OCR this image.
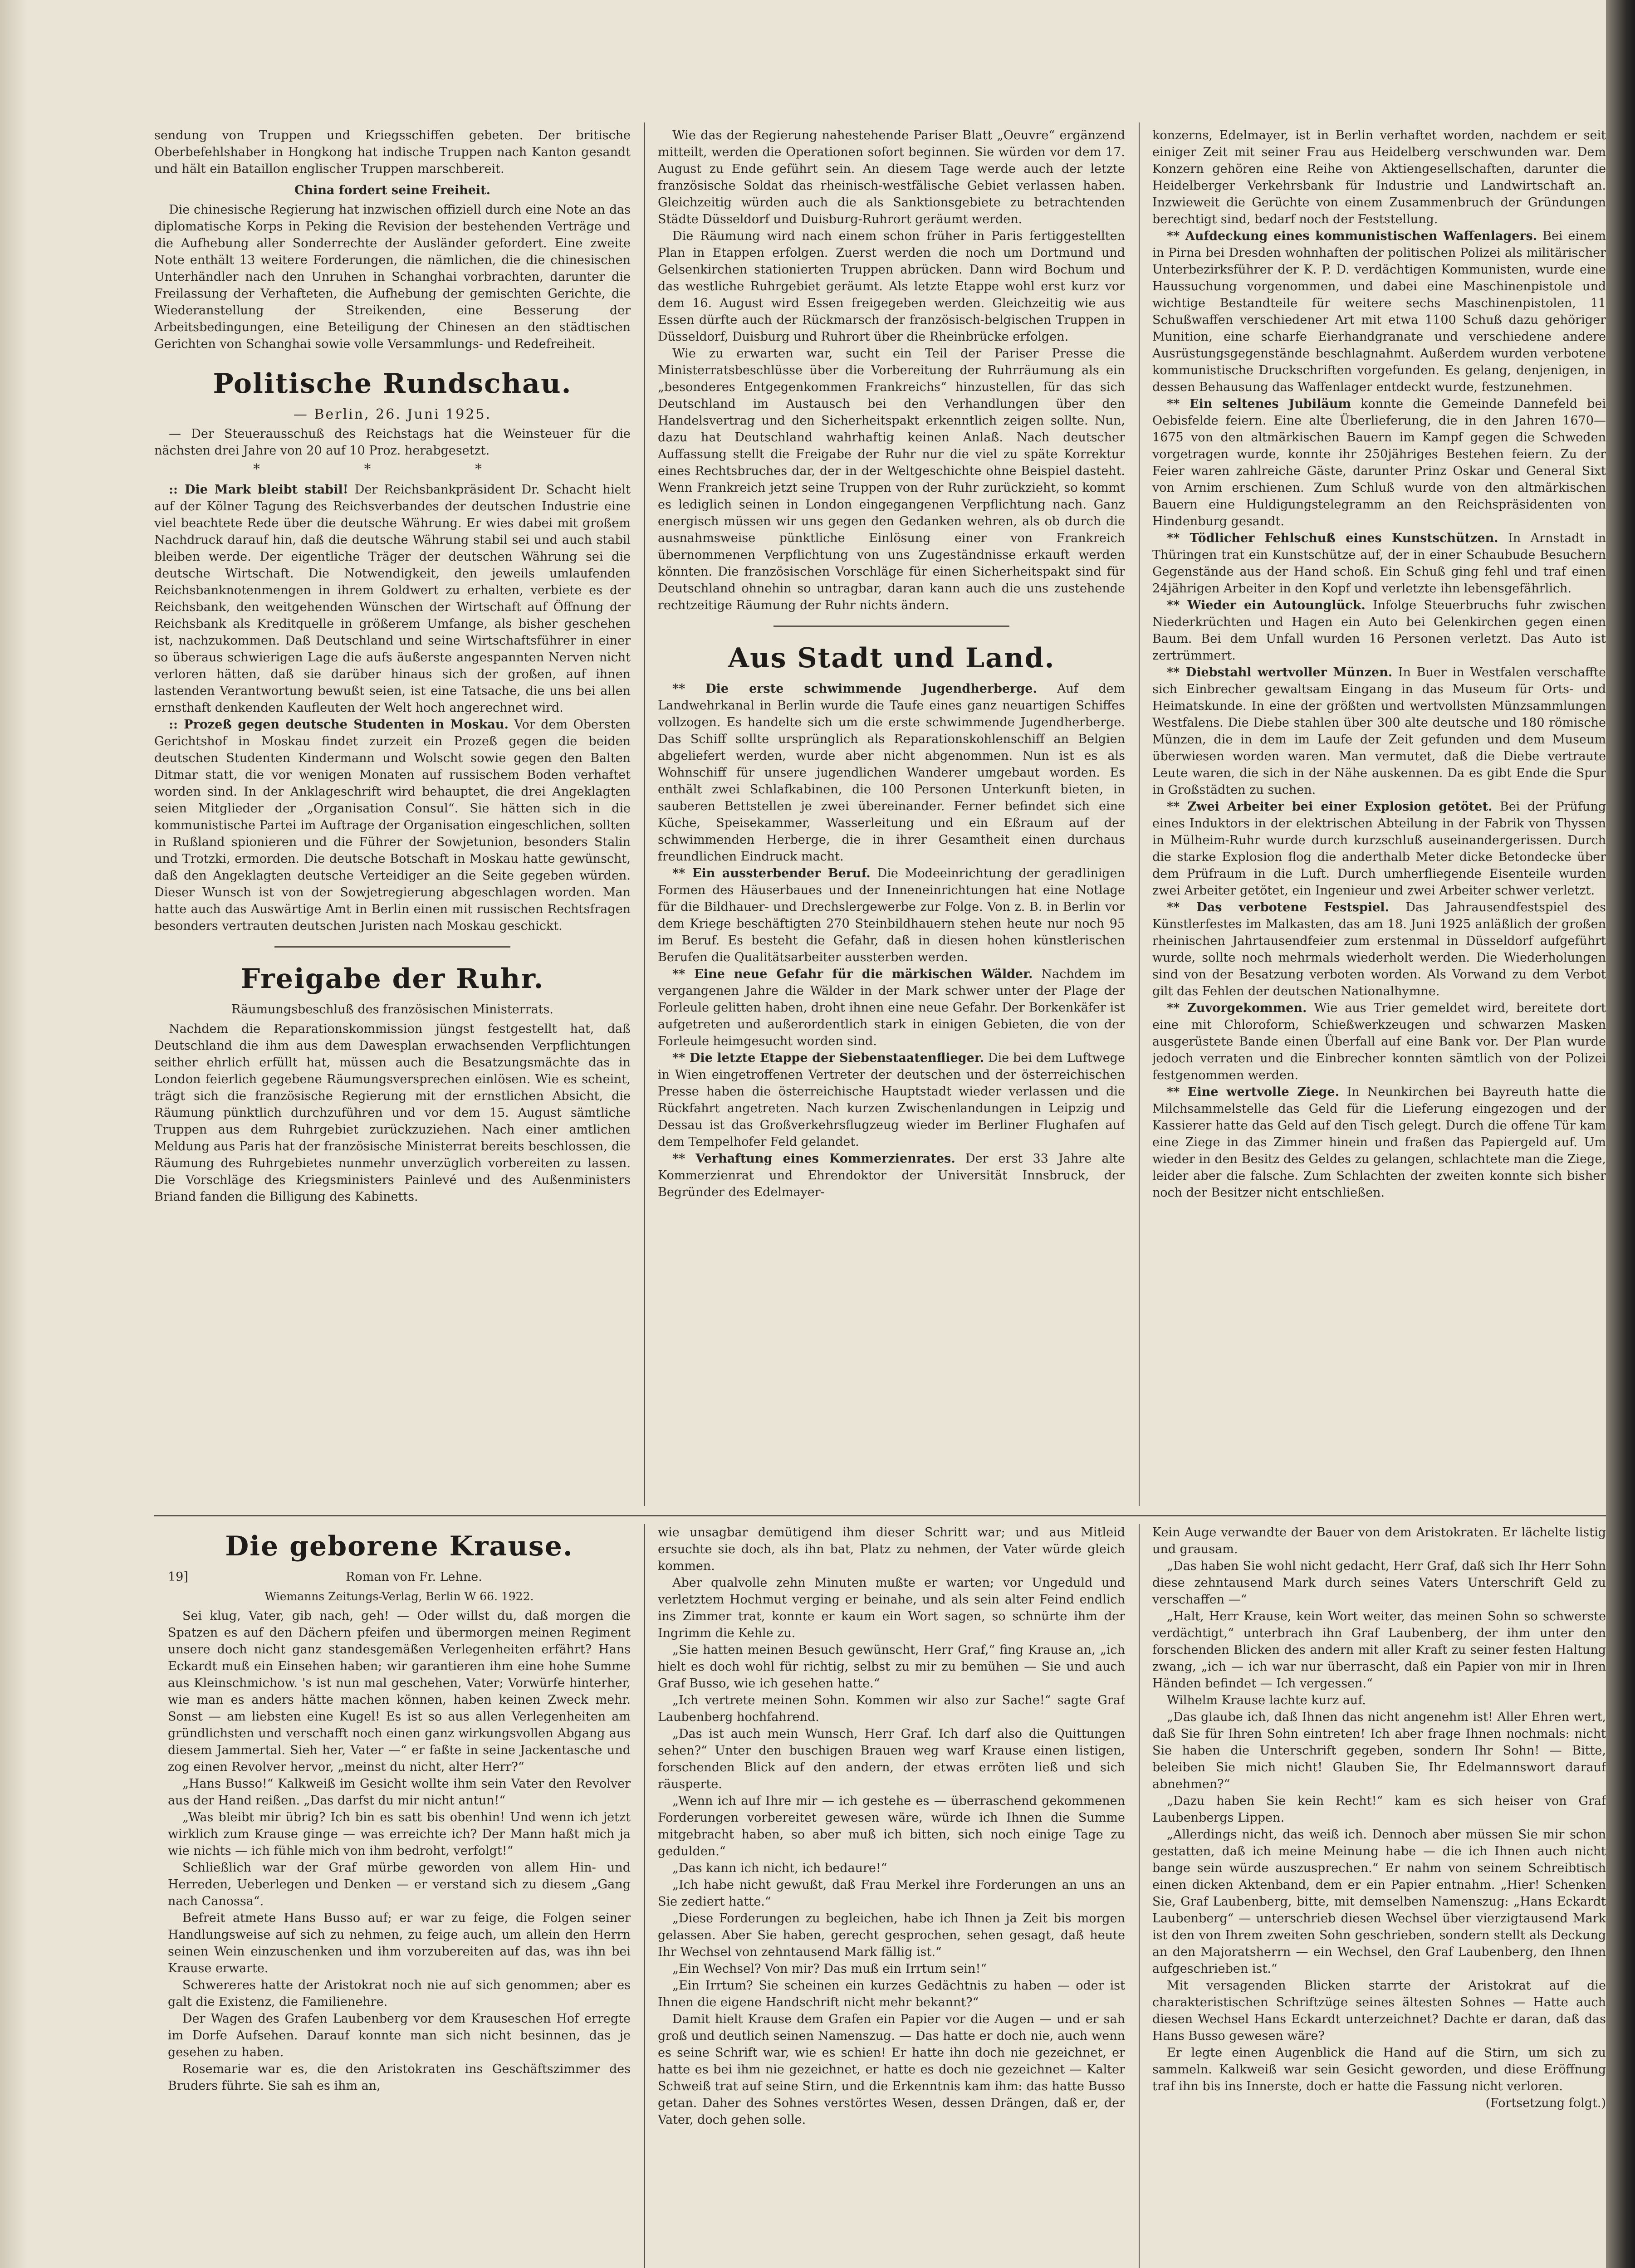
sendung von Truppen und Kriegsschiffen gebeten. Der britische Oberbefehlshaber in Hongkong hat indische Truppen nach Kanton gesandt und hält ein Bataillon englischer Truppen marschbereit.

China fordert seine Freiheit.

Die chinesische Regierung hat inzwischen offiziell durch eine Note an das diplomatische Korps in Peking die Revision der bestehenden Verträge und die Aufhebung aller Sonderrechte der Ausländer gefordert. Eine zweite Note enthält 13 weitere Forderungen, die nämlichen, die die chinesischen Unterhändler nach den Unruhen in Schanghai vorbrachten, darunter die Freilassung der Verhafteten, die Aufhebung der gemischten Gerichte, die Wiederanstellung der Streikenden, eine Besserung der Arbeitsbedingungen, eine Beteiligung der Chinesen an den städtischen Gerichten von Schanghai sowie volle Versammlungs- und Redefreiheit.

Politische Rundschau.
— Berlin, 26. Juni 1925.

— Der Steuerausschuß des Reichstags hat die Weinsteuer für die nächsten drei Jahre von 20 auf 10 Proz. herabgesetzt.

* * *

:: Die Mark bleibt stabil! Der Reichsbankpräsident Dr. Schacht hielt auf der Kölner Tagung des Reichsverbandes der deutschen Industrie eine viel beachtete Rede über die deutsche Währung. Er wies dabei mit großem Nachdruck darauf hin, daß die deutsche Währung stabil sei und auch stabil bleiben werde. Der eigentliche Träger der deutschen Währung sei die deutsche Wirtschaft. Die Notwendigkeit, den jeweils umlaufenden Reichsbanknotenmengen in ihrem Goldwert zu erhalten, verbiete es der Reichsbank, den weitgehenden Wünschen der Wirtschaft auf Öffnung der Reichsbank als Kreditquelle in größerem Umfange, als bisher geschehen ist, nachzukommen. Daß Deutschland und seine Wirtschaftsführer in einer so überaus schwierigen Lage die aufs äußerste angespannten Nerven nicht verloren hätten, daß sie darüber hinaus sich der großen, auf ihnen lastenden Verantwortung bewußt seien, ist eine Tatsache, die uns bei allen ernsthaft denkenden Kaufleuten der Welt hoch angerechnet wird.

:: Prozeß gegen deutsche Studenten in Moskau. Vor dem Obersten Gerichtshof in Moskau findet zurzeit ein Prozeß gegen die beiden deutschen Studenten Kindermann und Wolscht sowie gegen den Balten Ditmar statt, die vor wenigen Monaten auf russischem Boden verhaftet worden sind. In der Anklageschrift wird behauptet, die drei Angeklagten seien Mitglieder der „Organisation Consul“. Sie hätten sich in die kommunistische Partei im Auftrage der Organisation eingeschlichen, sollten in Rußland spionieren und die Führer der Sowjetunion, besonders Stalin und Trotzki, ermorden. Die deutsche Botschaft in Moskau hatte gewünscht, daß den Angeklagten deutsche Verteidiger an die Seite gegeben würden. Dieser Wunsch ist von der Sowjetregierung abgeschlagen worden. Man hatte auch das Auswärtige Amt in Berlin einen mit russischen Rechtsfragen besonders vertrauten deutschen Juristen nach Moskau geschickt.

Freigabe der Ruhr.
Räumungsbeschluß des französischen Ministerrats.

Nachdem die Reparationskommission jüngst festgestellt hat, daß Deutschland die ihm aus dem Dawesplan erwachsenden Verpflichtungen seither ehrlich erfüllt hat, müssen auch die Besatzungsmächte das in London feierlich gegebene Räumungsversprechen einlösen. Wie es scheint, trägt sich die französische Regierung mit der ernstlichen Absicht, die Räumung pünktlich durchzuführen und vor dem 15. August sämtliche Truppen aus dem Ruhrgebiet zurückzuziehen. Nach einer amtlichen Meldung aus Paris hat der französische Ministerrat bereits beschlossen, die Räumung des Ruhrgebietes nunmehr unverzüglich vorbereiten zu lassen. Die Vorschläge des Kriegsministers Painlevé und des Außenministers Briand fanden die Billigung des Kabinetts.

Wie das der Regierung nahestehende Pariser Blatt „Oeuvre“ ergänzend mitteilt, werden die Operationen sofort beginnen. Sie würden vor dem 17. August zu Ende geführt sein. An diesem Tage werde auch der letzte französische Soldat das rheinisch-westfälische Gebiet verlassen haben. Gleichzeitig würden auch die als Sanktionsgebiete zu betrachtenden Städte Düsseldorf und Duisburg-Ruhrort geräumt werden.

Die Räumung wird nach einem schon früher in Paris fertiggestellten Plan in Etappen erfolgen. Zuerst werden die noch um Dortmund und Gelsenkirchen stationierten Truppen abrücken. Dann wird Bochum und das westliche Ruhrgebiet geräumt. Als letzte Etappe wohl erst kurz vor dem 16. August wird Essen freigegeben werden. Gleichzeitig wie aus Essen dürfte auch der Rückmarsch der französisch-belgischen Truppen in Düsseldorf, Duisburg und Ruhrort über die Rheinbrücke erfolgen.

Wie zu erwarten war, sucht ein Teil der Pariser Presse die Ministerratsbeschlüsse über die Vorbereitung der Ruhrräumung als ein „besonderes Entgegenkommen Frankreichs“ hinzustellen, für das sich Deutschland im Austausch bei den Verhandlungen über den Handelsvertrag und den Sicherheitspakt erkenntlich zeigen sollte. Nun, dazu hat Deutschland wahrhaftig keinen Anlaß. Nach deutscher Auffassung stellt die Freigabe der Ruhr nur die viel zu späte Korrektur eines Rechtsbruches dar, der in der Weltgeschichte ohne Beispiel dasteht. Wenn Frankreich jetzt seine Truppen von der Ruhr zurückzieht, so kommt es lediglich seinen in London eingegangenen Verpflichtung nach. Ganz energisch müssen wir uns gegen den Gedanken wehren, als ob durch die ausnahmsweise pünktliche Einlösung einer von Frankreich übernommenen Verpflichtung von uns Zugeständnisse erkauft werden könnten. Die französischen Vorschläge für einen Sicherheitspakt sind für Deutschland ohnehin so untragbar, daran kann auch die uns zustehende rechtzeitige Räumung der Ruhr nichts ändern.

Aus Stadt und Land.

** Die erste schwimmende Jugendherberge. Auf dem Landwehrkanal in Berlin wurde die Taufe eines ganz neuartigen Schiffes vollzogen. Es handelte sich um die erste schwimmende Jugendherberge. Das Schiff sollte ursprünglich als Reparationskohlenschiff an Belgien abgeliefert werden, wurde aber nicht abgenommen. Nun ist es als Wohnschiff für unsere jugendlichen Wanderer umgebaut worden. Es enthält zwei Schlafkabinen, die 100 Personen Unterkunft bieten, in sauberen Bettstellen je zwei übereinander. Ferner befindet sich eine Küche, Speisekammer, Wasserleitung und ein Eßraum auf der schwimmenden Herberge, die in ihrer Gesamtheit einen durchaus freundlichen Eindruck macht.

** Ein aussterbender Beruf. Die Modeeinrichtung der geradlinigen Formen des Häuserbaues und der Inneneinrichtungen hat eine Notlage für die Bildhauer- und Drechslergewerbe zur Folge. Von z. B. in Berlin vor dem Kriege beschäftigten 270 Steinbildhauern stehen heute nur noch 95 im Beruf. Es besteht die Gefahr, daß in diesen hohen künstlerischen Berufen die Qualitätsarbeiter aussterben werden.

** Eine neue Gefahr für die märkischen Wälder. Nachdem im vergangenen Jahre die Wälder in der Mark schwer unter der Plage der Forleule gelitten haben, droht ihnen eine neue Gefahr. Der Borkenkäfer ist aufgetreten und außerordentlich stark in einigen Gebieten, die von der Forleule heimgesucht worden sind.

** Die letzte Etappe der Siebenstaatenflieger. Die bei dem Luftwege in Wien eingetroffenen Vertreter der deutschen und der österreichischen Presse haben die österreichische Hauptstadt wieder verlassen und die Rückfahrt angetreten. Nach kurzen Zwischenlandungen in Leipzig und Dessau ist das Großverkehrsflugzeug wieder im Berliner Flughafen auf dem Tempelhofer Feld gelandet.

** Verhaftung eines Kommerzienrates. Der erst 33 Jahre alte Kommerzienrat und Ehrendoktor der Universität Innsbruck, der Begründer des Edelmayer-

konzerns, Edelmayer, ist in Berlin verhaftet worden, nachdem er seit einiger Zeit mit seiner Frau aus Heidelberg verschwunden war. Dem Konzern gehören eine Reihe von Aktiengesellschaften, darunter die Heidelberger Verkehrsbank für Industrie und Landwirtschaft an. Inzwieweit die Gerüchte von einem Zusammenbruch der Gründungen berechtigt sind, bedarf noch der Feststellung.

** Aufdeckung eines kommunistischen Waffenlagers. Bei einem in Pirna bei Dresden wohnhaften der politischen Polizei als militärischer Unterbezirksführer der K. P. D. verdächtigen Kommunisten, wurde eine Haussuchung vorgenommen, und dabei eine Maschinenpistole und wichtige Bestandteile für weitere sechs Maschinenpistolen, 11 Schußwaffen verschiedener Art mit etwa 1100 Schuß dazu gehöriger Munition, eine scharfe Eierhandgranate und verschiedene andere Ausrüstungsgegenstände beschlagnahmt. Außerdem wurden verbotene kommunistische Druckschriften vorgefunden. Es gelang, denjenigen, in dessen Behausung das Waffenlager entdeckt wurde, festzunehmen.

** Ein seltenes Jubiläum konnte die Gemeinde Dannefeld bei Oebisfelde feiern. Eine alte Überlieferung, die in den Jahren 1670—1675 von den altmärkischen Bauern im Kampf gegen die Schweden vorgetragen wurde, konnte ihr 250jähriges Bestehen feiern. Zu der Feier waren zahlreiche Gäste, darunter Prinz Oskar und General Sixt von Arnim erschienen. Zum Schluß wurde von den altmärkischen Bauern eine Huldigungstelegramm an den Reichspräsidenten von Hindenburg gesandt.

** Tödlicher Fehlschuß eines Kunstschützen. In Arnstadt in Thüringen trat ein Kunstschütze auf, der in einer Schaubude Besuchern Gegenstände aus der Hand schoß. Ein Schuß ging fehl und traf einen 24jährigen Arbeiter in den Kopf und verletzte ihn lebensgefährlich.

** Wieder ein Autounglück. Infolge Steuerbruchs fuhr zwischen Niederkrüchten und Hagen ein Auto bei Gelenkirchen gegen einen Baum. Bei dem Unfall wurden 16 Personen verletzt. Das Auto ist zertrümmert.

** Diebstahl wertvoller Münzen. In Buer in Westfalen verschaffte sich Einbrecher gewaltsam Eingang in das Museum für Orts- und Heimatskunde. In eine der größten und wertvollsten Münzsammlungen Westfalens. Die Diebe stahlen über 300 alte deutsche und 180 römische Münzen, die in dem im Laufe der Zeit gefunden und dem Museum überwiesen worden waren. Man vermutet, daß die Diebe vertraute Leute waren, die sich in der Nähe auskennen. Da es gibt Ende die Spur in Großstädten zu suchen.

** Zwei Arbeiter bei einer Explosion getötet. Bei der Prüfung eines Induktors in der elektrischen Abteilung in der Fabrik von Thyssen in Mülheim-Ruhr wurde durch kurzschluß auseinandergerissen. Durch die starke Explosion flog die anderthalb Meter dicke Betondecke über dem Prüfraum in die Luft. Durch umherfliegende Eisenteile wurden zwei Arbeiter getötet, ein Ingenieur und zwei Arbeiter schwer verletzt.

** Das verbotene Festspiel. Das Jahrausendfestspiel des Künstlerfestes im Malkasten, das am 18. Juni 1925 anläßlich der großen rheinischen Jahrtausendfeier zum erstenmal in Düsseldorf aufgeführt wurde, sollte noch mehrmals wiederholt werden. Die Wiederholungen sind von der Besatzung verboten worden. Als Vorwand zu dem Verbot gilt das Fehlen der deutschen Nationalhymne.

** Zuvorgekommen. Wie aus Trier gemeldet wird, bereitete dort eine mit Chloroform, Schießwerkzeugen und schwarzen Masken ausgerüstete Bande einen Überfall auf eine Bank vor. Der Plan wurde jedoch verraten und die Einbrecher konnten sämtlich von der Polizei festgenommen werden.

** Eine wertvolle Ziege. In Neunkirchen bei Bayreuth hatte die Milchsammelstelle das Geld für die Lieferung eingezogen und der Kassierer hatte das Geld auf den Tisch gelegt. Durch die offene Tür kam eine Ziege in das Zimmer hinein und fraßen das Papiergeld auf. Um wieder in den Besitz des Geldes zu gelangen, schlachtete man die Ziege, leider aber die falsche. Zum Schlachten der zweiten konnte sich bisher noch der Besitzer nicht entschließen.

Die geborene Krause.
19]	Roman von Fr. Lehne.
Wiemanns Zeitungs-Verlag, Berlin W 66. 1922.

Sei klug, Vater, gib nach, geh! — Oder willst du, daß morgen die Spatzen es auf den Dächern pfeifen und übermorgen meinen Regiment unsere doch nicht ganz standesgemäßen Verlegenheiten erfährt? Hans Eckardt muß ein Einsehen haben; wir garantieren ihm eine hohe Summe aus Kleinschmichow. 's ist nun mal geschehen, Vater; Vorwürfe hinterher, wie man es anders hätte machen können, haben keinen Zweck mehr. Sonst — am liebsten eine Kugel! Es ist so aus allen Verlegenheiten am gründlichsten und verschafft noch einen ganz wirkungsvollen Abgang aus diesem Jammertal. Sieh her, Vater —“ er faßte in seine Jackentasche und zog einen Revolver hervor, „meinst du nicht, alter Herr?“

„Hans Busso!“ Kalkweiß im Gesicht wollte ihm sein Vater den Revolver aus der Hand reißen. „Das darfst du mir nicht antun!“

„Was bleibt mir übrig? Ich bin es satt bis obenhin! Und wenn ich jetzt wirklich zum Krause ginge — was erreichte ich? Der Mann haßt mich ja wie nichts — ich fühle mich von ihm bedroht, verfolgt!“

Schließlich war der Graf mürbe geworden von allem Hin- und Herreden, Ueberlegen und Denken — er verstand sich zu diesem „Gang nach Canossa“.

Befreit atmete Hans Busso auf; er war zu feige, die Folgen seiner Handlungsweise auf sich zu nehmen, zu feige auch, um allein den Herrn seinen Wein einzuschenken und ihm vorzubereiten auf das, was ihn bei Krause erwarte.

Schwereres hatte der Aristokrat noch nie auf sich genommen; aber es galt die Existenz, die Familienehre.

Der Wagen des Grafen Laubenberg vor dem Krauseschen Hof erregte im Dorfe Aufsehen. Darauf konnte man sich nicht besinnen, das je gesehen zu haben.

Rosemarie war es, die den Aristokraten ins Geschäftszimmer des Bruders führte. Sie sah es ihm an,

wie unsagbar demütigend ihm dieser Schritt war; und aus Mitleid ersuchte sie doch, als ihn bat, Platz zu nehmen, der Vater würde gleich kommen.

Aber qualvolle zehn Minuten mußte er warten; vor Ungeduld und verletztem Hochmut verging er beinahe, und als sein alter Feind endlich ins Zimmer trat, konnte er kaum ein Wort sagen, so schnürte ihm der Ingrimm die Kehle zu.

„Sie hatten meinen Besuch gewünscht, Herr Graf,“ fing Krause an, „ich hielt es doch wohl für richtig, selbst zu mir zu bemühen — Sie und auch Graf Busso, wie ich gesehen hatte.“

„Ich vertrete meinen Sohn. Kommen wir also zur Sache!“ sagte Graf Laubenberg hochfahrend.

„Das ist auch mein Wunsch, Herr Graf. Ich darf also die Quittungen sehen?“ Unter den buschigen Brauen weg warf Krause einen listigen, forschenden Blick auf den andern, der etwas erröten ließ und sich räusperte.

„Wenn ich auf Ihre mir — ich gestehe es — überraschend gekommenen Forderungen vorbereitet gewesen wäre, würde ich Ihnen die Summe mitgebracht haben, so aber muß ich bitten, sich noch einige Tage zu gedulden.“

„Das kann ich nicht, ich bedaure!“

„Ich habe nicht gewußt, daß Frau Merkel ihre Forderungen an uns an Sie zediert hatte.“

„Diese Forderungen zu begleichen, habe ich Ihnen ja Zeit bis morgen gelassen. Aber Sie haben, gerecht gesprochen, sehen gesagt, daß heute Ihr Wechsel von zehntausend Mark fällig ist.“

„Ein Wechsel? Von mir? Das muß ein Irrtum sein!“

„Ein Irrtum? Sie scheinen ein kurzes Gedächtnis zu haben — oder ist Ihnen die eigene Handschrift nicht mehr bekannt?“

Damit hielt Krause dem Grafen ein Papier vor die Augen — und er sah groß und deutlich seinen Namenszug. — Das hatte er doch nie, auch wenn es seine Schrift war, wie es schien! Er hatte ihn doch nie gezeichnet, er hatte es bei ihm nie gezeichnet, er hatte es doch nie gezeichnet — Kalter Schweiß trat auf seine Stirn, und die Erkenntnis kam ihm: das hatte Busso getan. Daher des Sohnes verstörtes Wesen, dessen Drängen, daß er, der Vater, doch gehen solle.

Kein Auge verwandte der Bauer von dem Aristokraten. Er lächelte listig und grausam.

„Das haben Sie wohl nicht gedacht, Herr Graf, daß sich Ihr Herr Sohn diese zehntausend Mark durch seines Vaters Unterschrift Geld zu verschaffen —“

„Halt, Herr Krause, kein Wort weiter, das meinen Sohn so schwerste verdächtigt,“ unterbrach ihn Graf Laubenberg, der ihm unter den forschenden Blicken des andern mit aller Kraft zu seiner festen Haltung zwang, „ich — ich war nur überrascht, daß ein Papier von mir in Ihren Händen befindet — Ich vergessen.“

Wilhelm Krause lachte kurz auf.

„Das glaube ich, daß Ihnen das nicht angenehm ist! Aller Ehren wert, daß Sie für Ihren Sohn eintreten! Ich aber frage Ihnen nochmals: nicht Sie haben die Unterschrift gegeben, sondern Ihr Sohn! — Bitte, beleiben Sie mich nicht! Glauben Sie, Ihr Edelmannswort darauf abnehmen?“

„Dazu haben Sie kein Recht!“ kam es sich heiser von Graf Laubenbergs Lippen.

„Allerdings nicht, das weiß ich. Dennoch aber müssen Sie mir schon gestatten, daß ich meine Meinung habe — die ich Ihnen auch nicht bange sein würde auszusprechen.“ Er nahm von seinem Schreibtisch einen dicken Aktenband, dem er ein Papier entnahm. „Hier! Schenken Sie, Graf Laubenberg, bitte, mit demselben Namenszug: „Hans Eckardt Laubenberg“ — unterschrieb diesen Wechsel über vierzigtausend Mark ist den von Ihrem zweiten Sohn geschrieben, sondern stellt als Deckung an den Majoratsherrn — ein Wechsel, den Graf Laubenberg, den Ihnen aufgeschrieben ist.“

Mit versagenden Blicken starrte der Aristokrat auf die charakteristischen Schriftzüge seines ältesten Sohnes — Hatte auch diesen Wechsel Hans Eckardt unterzeichnet? Dachte er daran, daß das Hans Busso gewesen wäre?

Er legte einen Augenblick die Hand auf die Stirn, um sich zu sammeln. Kalkweiß war sein Gesicht geworden, und diese Eröffnung traf ihn bis ins Innerste, doch er hatte die Fassung nicht verloren.

(Fortsetzung folgt.)
